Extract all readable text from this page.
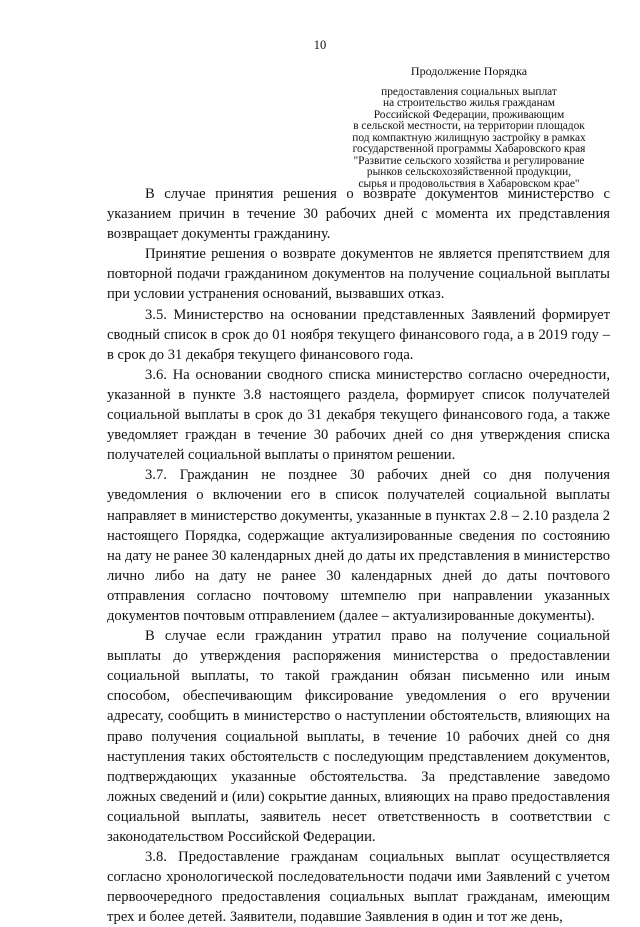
10
Продолжение Порядка
предоставления социальных выплат
на строительство жилья гражданам
Российской Федерации, проживающим
в сельской местности, на территории площадок
под компактную жилищную застройку в рамках
государственной программы Хабаровского края
"Развитие сельского хозяйства и регулирование
рынков сельскохозяйственной продукции,
сырья и продовольствия в Хабаровском крае"

В случае принятия решения о возврате документов министерство с указанием причин в течение 30 рабочих дней с момента их представления возвращает документы гражданину.

Принятие решения о возврате документов не является препятствием для повторной подачи гражданином документов на получение социальной выплаты при условии устранения оснований, вызвавших отказ.

3.5. Министерство на основании представленных Заявлений формирует сводный список в срок до 01 ноября текущего финансового года, а в 2019 году – в срок до 31 декабря текущего финансового года.

3.6. На основании сводного списка министерство согласно очередности, указанной в пункте 3.8 настоящего раздела, формирует список получателей социальной выплаты в срок до 31 декабря текущего финансового года, а также уведомляет граждан в течение 30 рабочих дней со дня утверждения списка получателей социальной выплаты о принятом решении.

3.7. Гражданин не позднее 30 рабочих дней со дня получения уведомления о включении его в список получателей социальной выплаты направляет в министерство документы, указанные в пунктах 2.8 – 2.10 раздела 2 настоящего Порядка, содержащие актуализированные сведения по состоянию на дату не ранее 30 календарных дней до даты их представления в министерство лично либо на дату не ранее 30 календарных дней до даты почтового отправления согласно почтовому штемпелю при направлении указанных документов почтовым отправлением (далее – актуализированные документы).

В случае если гражданин утратил право на получение социальной выплаты до утверждения распоряжения министерства о предоставлении социальной выплаты, то такой гражданин обязан письменно или иным способом, обеспечивающим фиксирование уведомления о его вручении адресату, сообщить в министерство о наступлении обстоятельств, влияющих на право получения социальной выплаты, в течение 10 рабочих дней со дня наступления таких обстоятельств с последующим представлением документов, подтверждающих указанные обстоятельства. За представление заведомо ложных сведений и (или) сокрытие данных, влияющих на право предоставления социальной выплаты, заявитель несет ответственность в соответствии с законодательством Российской Федерации.

3.8. Предоставление гражданам социальных выплат осуществляется согласно хронологической последовательности подачи ими Заявлений с учетом первоочередного предоставления социальных выплат гражданам, имеющим трех и более детей. Заявители, подавшие Заявления в один и тот же день,
